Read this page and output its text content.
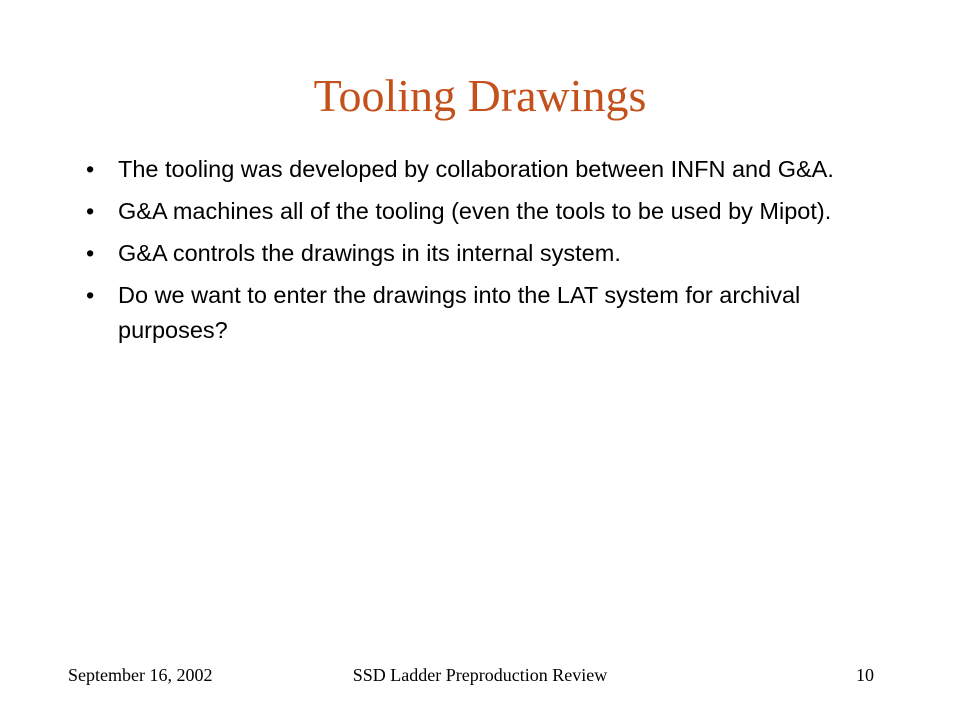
Tooling Drawings
• The tooling was developed by collaboration between INFN and G&A.
• G&A machines all of the tooling (even the tools to be used by Mipot).
• G&A controls the drawings in its internal system.
• Do we want to enter the drawings into the LAT system for archival purposes?
September 16, 2002	SSD Ladder Preproduction Review	10
